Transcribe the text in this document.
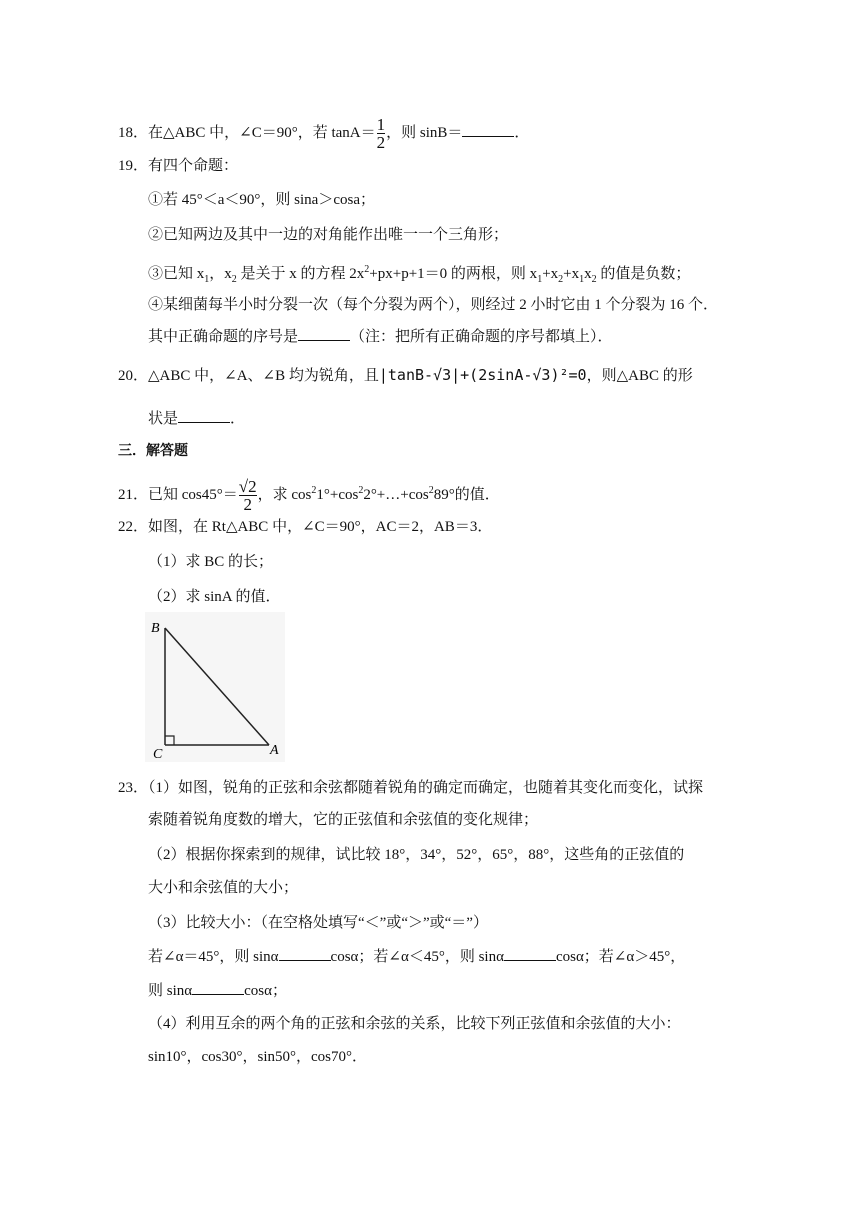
18．在△ABC 中，∠C＝90°，若 $\tan A= \frac{1}{2}$ ，则 sinB＝	．
19．有四个命题：
①若 45°＜a＜90°，则 sina＞cosa；
②已知两边及其中一边的对角能作出唯一一个三角形；
③已知 $x_1$，$x_2$ 是关于 x 的方程 $2x^2+px+p+1=0$ 的两根，则 $x_1+x_2+x_1x_2$ 的值是负数；
④某细菌每半小时分裂一次（每个分裂为两个），则经过 2 小时它由 1 个分裂为 16 个．
其中正确命题的序号是	（注：把所有正确命题的序号都填上）．
20．△ABC 中，∠A、∠B 均为锐角，且|tanB-√3|+(2sinA-√3)²=0，则△ABC 的形
状是	．
三．解答题
21．已知 $\cos 45^\circ= \frac{√2}{2}$ ，求 $\cos^21^\circ+\cos^22^\circ+\dots+\cos^289^\circ$的值．
22．如图，在 Rt△ABC 中，∠C＝90°，AC＝2，AB＝3．
（1）求 BC 的长；
（2）求 sinA 的值．
B
C	A
23．（1）如图，锐角的正弦和余弦都随着锐角的确定而确定，也随着其变化而变化，试探
索随着锐角度数的增大，它的正弦值和余弦值的变化规律；
（2）根据你探索到的规律，试比较 18°，34°，52°，65°，88°，这些角的正弦值的
大小和余弦值的大小；
（3）比较大小：（在空格处填写“＜”或“＞”或“＝”）
若∠α＝45°，则 sinα	cosα；若∠α＜45°，则 sinα	cosα；若∠α＞45°，
则 sinα	cosα；
（4）利用互余的两个角的正弦和余弦的关系，比较下列正弦值和余弦值的大小：
sin10°，cos30°，sin50°，cos70°．
